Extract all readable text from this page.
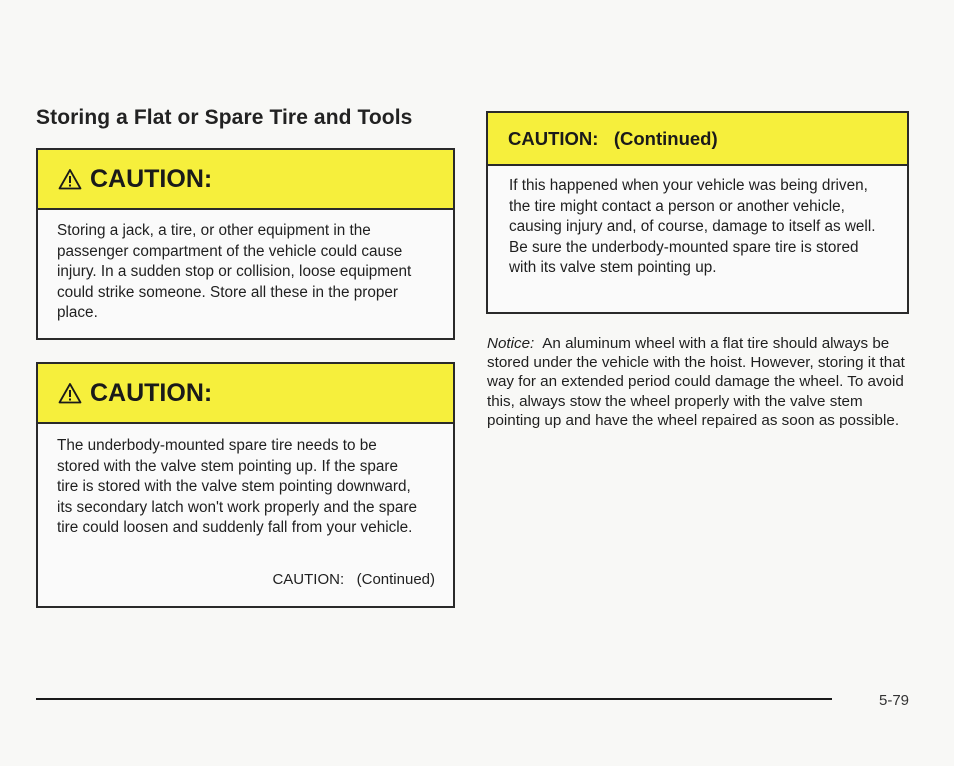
Storing a Flat or Spare Tire and Tools
CAUTION:
Storing a jack, a tire, or other equipment in the passenger compartment of the vehicle could cause injury. In a sudden stop or collision, loose equipment could strike someone. Store all these in the proper place.
CAUTION:
The underbody-mounted spare tire needs to be stored with the valve stem pointing up. If the spare tire is stored with the valve stem pointing downward, its secondary latch won't work properly and the spare tire could loosen and suddenly fall from your vehicle.
CAUTION:   (Continued)
CAUTION:   (Continued)
If this happened when your vehicle was being driven, the tire might contact a person or another vehicle, causing injury and, of course, damage to itself as well. Be sure the underbody-mounted spare tire is stored with its valve stem pointing up.
Notice: An aluminum wheel with a flat tire should always be stored under the vehicle with the hoist. However, storing it that way for an extended period could damage the wheel. To avoid this, always stow the wheel properly with the valve stem pointing up and have the wheel repaired as soon as possible.
5-79
